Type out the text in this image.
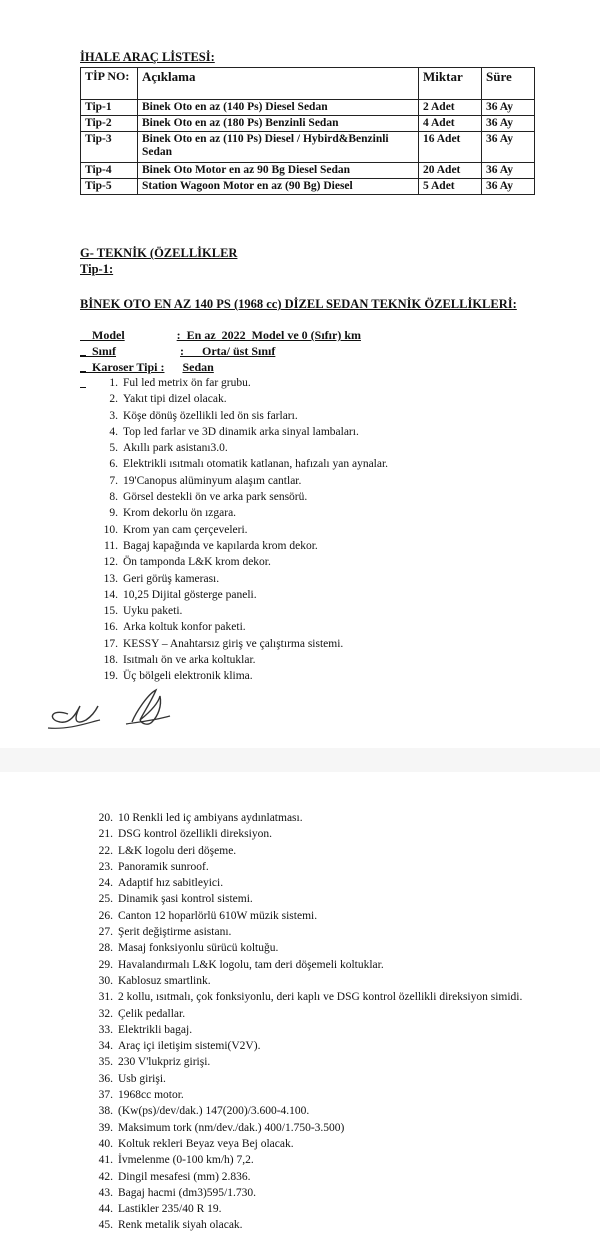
İHALE ARAÇ LİSTESİ:
TİP NO:	Açıklama	Miktar	Süre
Tip-1	Binek Oto en az (140 Ps) Diesel Sedan	2 Adet	36 Ay
Tip-2	Binek Oto en az (180 Ps) Benzinli Sedan	4 Adet	36 Ay
Tip-3	Binek Oto en az (110 Ps) Diesel / Hybird&Benzinli Sedan	16 Adet	36 Ay
Tip-4	Binek Oto Motor en az 90 Bg Diesel Sedan	20 Adet	36 Ay
Tip-5	Station Wagoon Motor en az (90 Bg) Diesel	5 Adet	36 Ay
G- TEKNİK (ÖZELLİKLER
Tip-1:
BİNEK OTO EN AZ 140 PS (1968 cc) DİZEL SEDAN TEKNİK ÖZELLİKLERİ:

Model	:  En az  2022  Model ve 0 (Sıfır) km

Sınıf	:      Orta/ üst Sınıf

Karoser Tipi : Sedan

1. Ful led metrix ön far grubu.
2. Yakıt tipi dizel olacak.
3. Köşe dönüş özellikli led ön sis farları.
4. Top led farlar ve 3D dinamik arka sinyal lambaları.
5. Akıllı park asistanı3.0.
6. Elektrikli ısıtmalı otomatik katlanan, hafızalı yan aynalar.
7. 19'Canopus alüminyum alaşım cantlar.
8. Görsel destekli ön ve arka park sensörü.
9. Krom dekorlu ön ızgara.
10. Krom yan cam çerçeveleri.
11. Bagaj kapağında ve kapılarda krom dekor.
12. Ön tamponda L&K krom dekor.
13. Geri görüş kamerası.
14. 10,25 Dijital gösterge paneli.
15. Uyku paketi.
16. Arka koltuk konfor paketi.
17. KESSY – Anahtarsız giriş ve çalıştırma sistemi.
18. Isıtmalı ön ve arka koltuklar.
19. Üç bölgeli elektronik klima.
20. 10 Renkli led iç ambiyans aydınlatması.
21. DSG kontrol özellikli direksiyon.
22. L&K logolu deri döşeme.
23. Panoramik sunroof.
24. Adaptif hız sabitleyici.
25. Dinamik şasi kontrol sistemi.
26. Canton 12 hoparlörlü 610W müzik sistemi.
27. Şerit değiştirme asistanı.
28. Masaj fonksiyonlu sürücü koltuğu.
29. Havalandırmalı L&K logolu, tam deri döşemeli koltuklar.
30. Kablosuz smartlink.
31. 2 kollu, ısıtmalı, çok fonksiyonlu, deri kaplı ve DSG kontrol özellikli direksiyon simidi.
32. Çelik pedallar.
33. Elektrikli bagaj.
34. Araç içi iletişim sistemi(V2V).
35. 230 V'lukpriz girişi.
36. Usb girişi.
37. 1968cc motor.
38. (Kw(ps)/dev/dak.) 147(200)/3.600-4.100.
39. Maksimum tork (nm/dev./dak.) 400/1.750-3.500)
40. Koltuk rekleri Beyaz veya Bej olacak.
41. İvmelenme (0-100 km/h) 7,2.
42. Dingil mesafesi (mm) 2.836.
43. Bagaj hacmi (dm3)595/1.730.
44. Lastikler 235/40 R 19.
45. Renk metalik siyah olacak.
